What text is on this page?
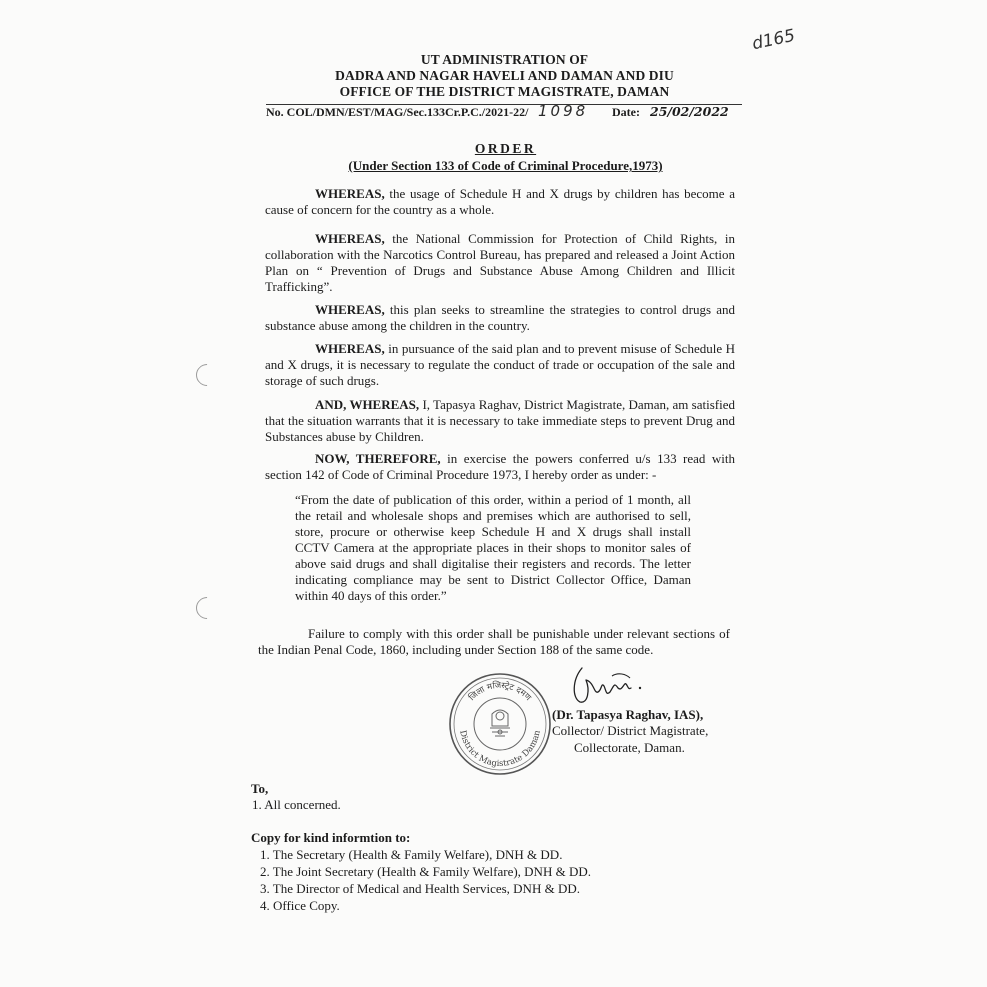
d165
UT ADMINISTRATION OF
DADRA AND NAGAR HAVELI AND DAMAN AND DIU
OFFICE OF THE DISTRICT MAGISTRATE, DAMAN
No. COL/DMN/EST/MAG/Sec.133Cr.P.C./2021-22/ 1098 Date: 25/02/2022
ORDER
(Under Section 133 of Code of Criminal Procedure,1973)
WHEREAS, the usage of Schedule H and X drugs by children has become a cause of concern for the country as a whole.
WHEREAS, the National Commission for Protection of Child Rights, in collaboration with the Narcotics Control Bureau, has prepared and released a Joint Action Plan on “ Prevention of Drugs and Substance Abuse Among Children and Illicit Trafficking”.
WHEREAS, this plan seeks to streamline the strategies to control drugs and substance abuse among the children in the country.
WHEREAS, in pursuance of the said plan and to prevent misuse of Schedule H and X drugs, it is necessary to regulate the conduct of trade or occupation of the sale and storage of such drugs.
AND, WHEREAS, I, Tapasya Raghav, District Magistrate, Daman, am satisfied that the situation warrants that it is necessary to take immediate steps to prevent Drug and Substances abuse by Children.
NOW, THEREFORE, in exercise the powers conferred u/s 133 read with section 142 of Code of Criminal Procedure 1973, I hereby order as under: -
“From the date of publication of this order, within a period of 1 month, all the retail and wholesale shops and premises which are authorised to sell, store, procure or otherwise keep Schedule H and X drugs shall install CCTV Camera at the appropriate places in their shops to monitor sales of above said drugs and shall digitalise their registers and records. The letter indicating compliance may be sent to District Collector Office, Daman within 40 days of this order.”
Failure to comply with this order shall be punishable under relevant sections of the Indian Penal Code, 1860, including under Section 188 of the same code.
जिला मजिस्ट्रेट दमण
District Magistrate Daman
(Dr. Tapasya Raghav, IAS),
Collector/ District Magistrate,
Collectorate, Daman.
To,
1. All concerned.
Copy for kind informtion to:
1. The Secretary (Health & Family Welfare), DNH & DD.
2. The Joint Secretary (Health & Family Welfare), DNH & DD.
3. The Director of Medical and Health Services, DNH & DD.
4. Office Copy.
